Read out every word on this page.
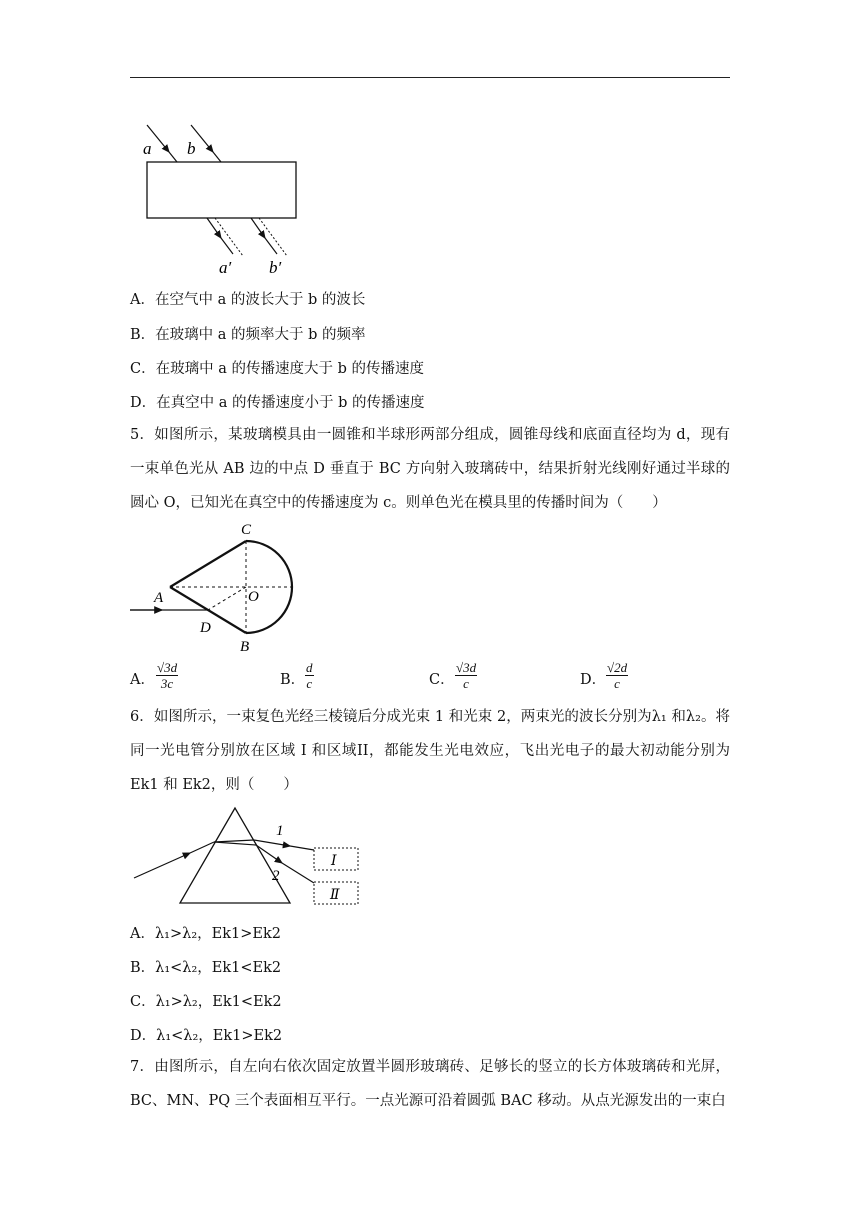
a b
a′ b′
A．在空气中 a 的波长大于 b 的波长
B．在玻璃中 a 的频率大于 b 的频率
C．在玻璃中 a 的传播速度大于 b 的传播速度
D．在真空中 a 的传播速度小于 b 的传播速度
5．如图所示，某玻璃模具由一圆锥和半球形两部分组成，圆锥母线和底面直径均为 d，现有一束单色光从 AB 边的中点 D 垂直于 BC 方向射入玻璃砖中，结果折射光线刚好通过半球的圆心 O，已知光在真空中的传播速度为 c。则单色光在模具里的传播时间为（　　）
C
A	O
D
B
A． $\frac{√3d}{3c}$	B． $\frac{d}{c}$	C． $\frac{√3d}{c}$	D． $\frac{√2d}{c}$
6．如图所示，一束复色光经三棱镜后分成光束 1 和光束 2，两束光的波长分别为λ₁ 和λ₂。将同一光电管分别放在区域 I 和区域II，都能发生光电效应，飞出光电子的最大初动能分别为 Ek1 和 Ek2，则（　　）
1
2
Ⅰ
Ⅱ
A．λ₁>λ₂，Ek1>Ek2
B．λ₁<λ₂，Ek1<Ek2
C．λ₁>λ₂，Ek1<Ek2
D．λ₁<λ₂，Ek1>Ek2
7．由图所示，自左向右依次固定放置半圆形玻璃砖、足够长的竖立的长方体玻璃砖和光屏，BC、MN、PQ 三个表面相互平行。一点光源可沿着圆弧 BAC 移动。从点光源发出的一束白
